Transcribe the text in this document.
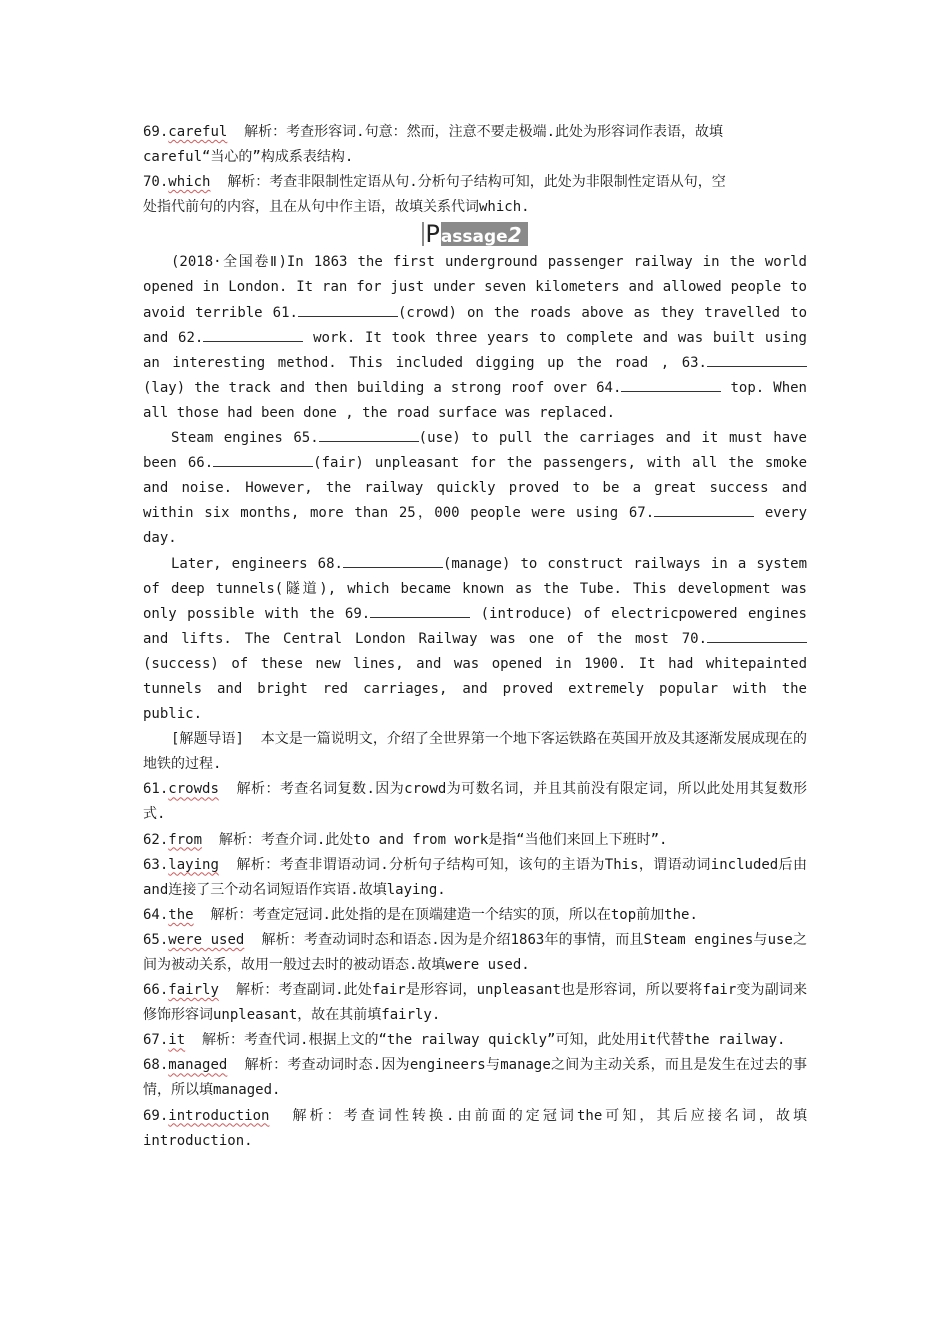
69.careful 解析：考查形容词.句意：然而，注意不要走极端.此处为形容词作表语，故填

careful“当心的”构成系表结构.

70.which 解析：考查非限制性定语从句.分析句子结构可知，此处为非限制性定语从句，空

处指代前句的内容，且在从句中作主语，故填关系代词which.

Passage2

(2018·全国卷Ⅱ)In 1863 the first underground passenger railway in the world opened in London. It ran for just under seven kilometers and allowed people to avoid terrible 61.	(crowd) on the roads above as they travelled to and 62.	work. It took three years to complete and was built using an interesting method. This included digging up the road , 63.(lay) the track and then building a strong roof over 64.	top. When all those had been done , the road surface was replaced.

Steam engines 65.	(use) to pull the carriages and it must have been 66.	(fair) unpleasant for the passengers, with all the smoke and noise. However, the railway quickly proved to be a great success and within six months, more than 25，000 people were using 67.	every day.

Later, engineers 68.	(manage) to construct railways in a system of deep tunnels(隧道), which became known as the Tube. This development was only possible with the 69.	(introduce) of electricpowered engines and lifts. The Central London Railway was one of the most 70.(success) of these new lines, and was opened in 1900. It had whitepainted tunnels and bright red carriages, and proved extremely popular with the public.

[解题导语] 本文是一篇说明文，介绍了全世界第一个地下客运铁路在英国开放及其逐渐发展成现在的地铁的过程.

61.crowds 解析：考查名词复数.因为crowd为可数名词，并且其前没有限定词，所以此处用其复数形式.

62.from 解析：考查介词.此处to and from work是指“当他们来回上下班时”.

63.laying 解析：考查非谓语动词.分析句子结构可知，该句的主语为This，谓语动词included后由and连接了三个动名词短语作宾语.故填laying.

64.the 解析：考查定冠词.此处指的是在顶端建造一个结实的顶，所以在top前加the.

65.were used 解析：考查动词时态和语态.因为是介绍1863年的事情，而且Steam engines与use之间为被动关系，故用一般过去时的被动语态.故填were used.

66.fairly 解析：考查副词.此处fair是形容词，unpleasant也是形容词，所以要将fair变为副词来修饰形容词unpleasant，故在其前填fairly.

67.it 解析：考查代词.根据上文的“the railway quickly”可知，此处用it代替the railway.

68.managed 解析：考查动词时态.因为engineers与manage之间为主动关系，而且是发生在过去的事情，所以填managed.

69.introduction 解析：考查词性转换.由前面的定冠词the可知，其后应接名词，故填introduction.
